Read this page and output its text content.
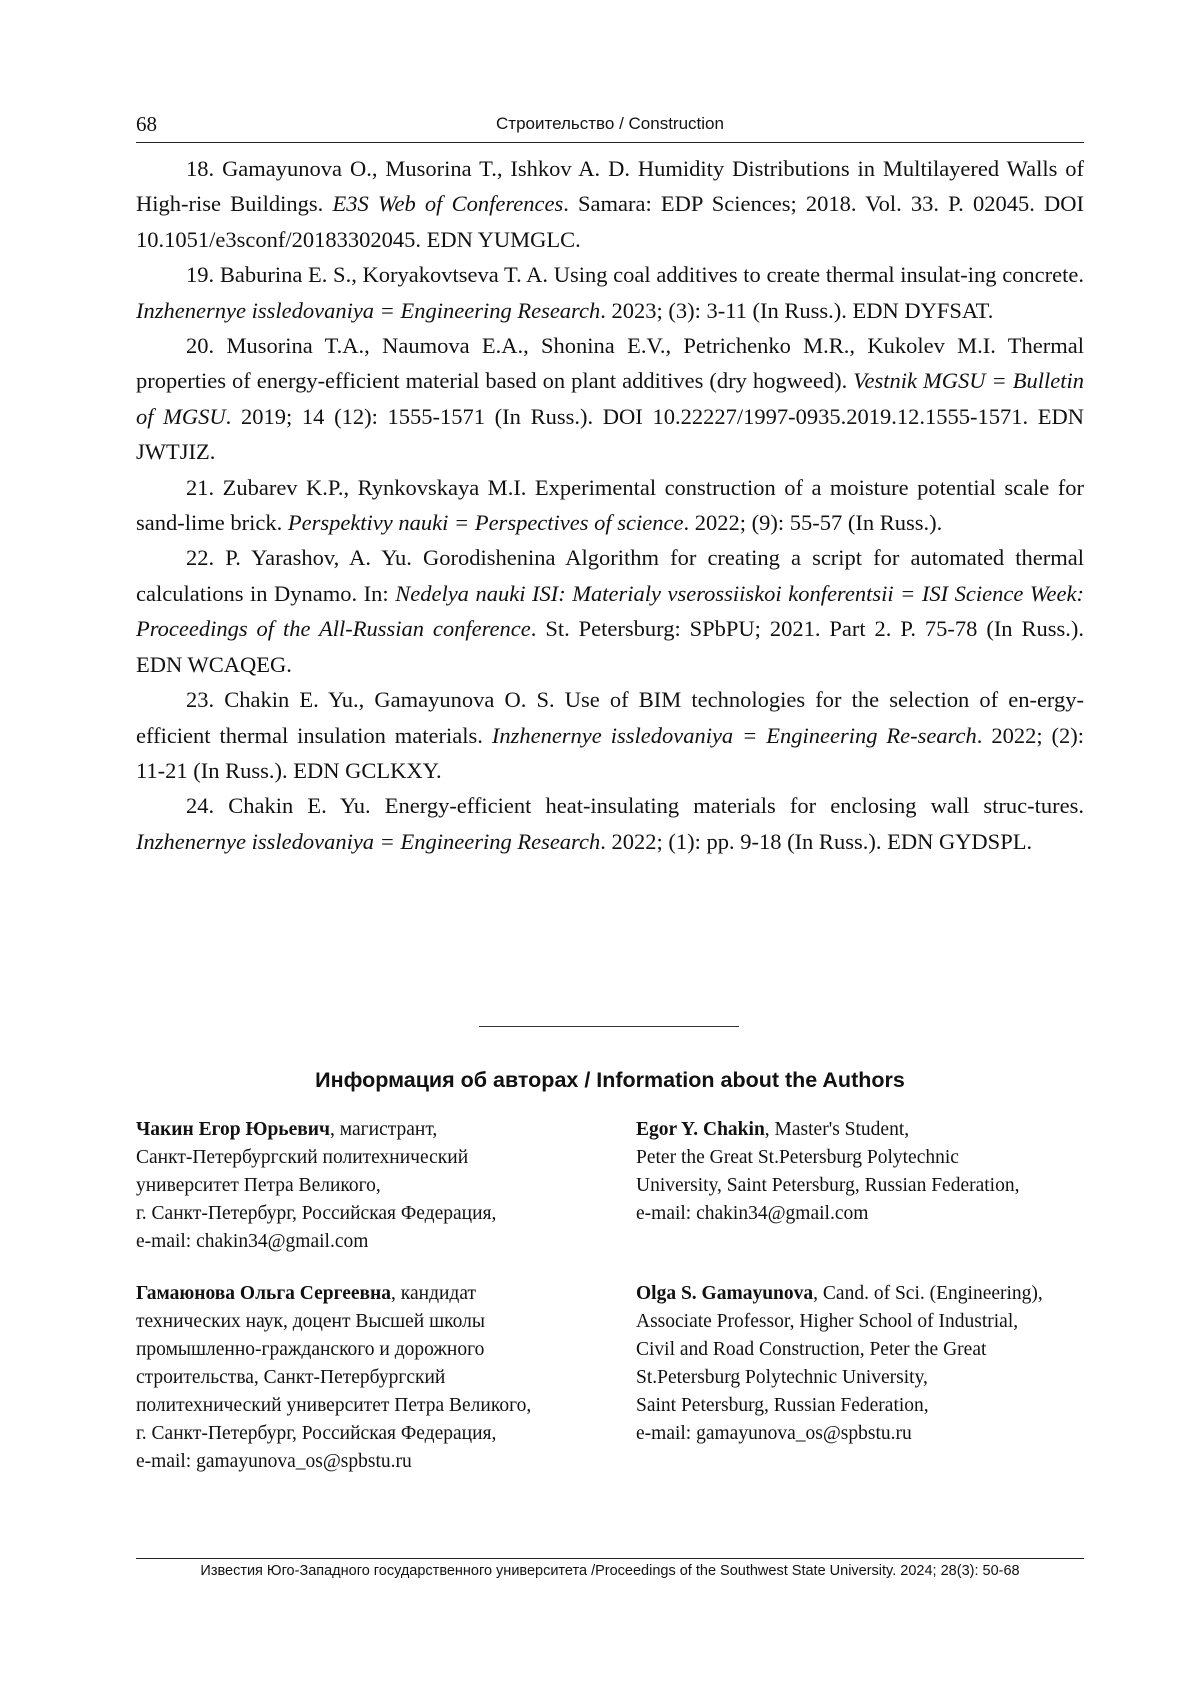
68	Строительство / Construction

18. Gamayunova O., Musorina T., Ishkov A. D. Humidity Distributions in Multilayered Walls of High-rise Buildings. E3S Web of Conferences. Samara: EDP Sciences; 2018. Vol. 33. P. 02045. DOI 10.1051/e3sconf/20183302045. EDN YUMGLC.

19. Baburina E. S., Koryakovtseva T. A. Using coal additives to create thermal insulat-ing concrete. Inzhenernye issledovaniya = Engineering Research. 2023; (3): 3-11 (In Russ.). EDN DYFSAT.

20. Musorina T.A., Naumova E.A., Shonina E.V., Petrichenko M.R., Kukolev M.I. Thermal properties of energy-efficient material based on plant additives (dry hogweed). Vestnik MGSU = Bulletin of MGSU. 2019; 14 (12): 1555-1571 (In Russ.). DOI 10.22227/1997-0935.2019.12.1555-1571. EDN JWTJIZ.

21. Zubarev K.P., Rynkovskaya M.I. Experimental construction of a moisture potential scale for sand-lime brick. Perspektivy nauki = Perspectives of science. 2022; (9): 55-57 (In Russ.).

22. P. Yarashov, A. Yu. Gorodishenina Algorithm for creating a script for automated thermal calculations in Dynamo. In: Nedelya nauki ISI: Materialy vserossiiskoi konferentsii = ISI Science Week: Proceedings of the All-Russian conference. St. Petersburg: SPbPU; 2021. Part 2. P. 75-78 (In Russ.). EDN WCAQEG.

23. Chakin E. Yu., Gamayunova O. S. Use of BIM technologies for the selection of en-ergy-efficient thermal insulation materials. Inzhenernye issledovaniya = Engineering Re-search. 2022; (2): 11-21 (In Russ.). EDN GCLKXY.

24. Chakin E. Yu. Energy-efficient heat-insulating materials for enclosing wall struc-tures. Inzhenernye issledovaniya = Engineering Research. 2022; (1): pp. 9-18 (In Russ.). EDN GYDSPL.

Информация об авторах / Information about the Authors
Чакин Егор Юрьевич, магистрант,
Санкт-Петербургский политехнический
университет Петра Великого,
г. Санкт-Петербург, Российская Федерация,
e-mail: chakin34@gmail.com
Egor Y. Chakin, Master's Student,
Peter the Great St.Petersburg Polytechnic
University, Saint Petersburg, Russian Federation,
e-mail: chakin34@gmail.com
Гамаюнова Ольга Сергеевна, кандидат
технических наук, доцент Высшей школы
промышленно-гражданского и дорожного
строительства, Санкт-Петербургский
политехнический университет Петра Великого,
г. Санкт-Петербург, Российская Федерация,
e-mail: gamayunova_os@spbstu.ru
Olga S. Gamayunova, Cand. of Sci. (Engineering),
Associate Professor, Higher School of Industrial,
Civil and Road Construction, Peter the Great
St.Petersburg Polytechnic University,
Saint Petersburg, Russian Federation,
e-mail: gamayunova_os@spbstu.ru
Известия Юго-Западного государственного университета /Proceedings of the Southwest State University. 2024; 28(3): 50-68
